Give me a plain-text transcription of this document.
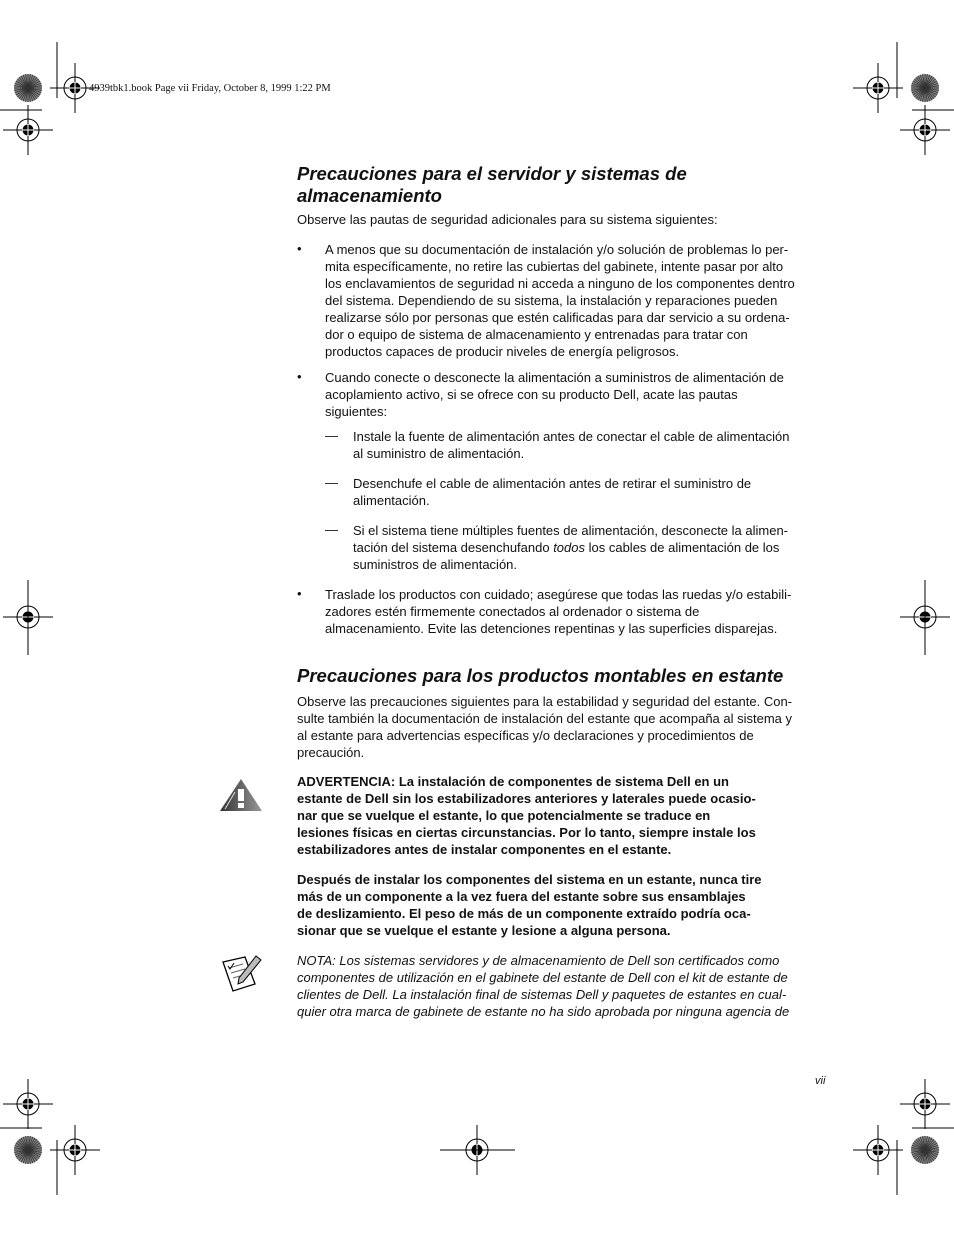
4939tbk1.book Page vii Friday, October 8, 1999 1:22 PM
Precauciones para el servidor y sistemas de
almacenamiento
Observe las pautas de seguridad adicionales para su sistema siguientes:
• A menos que su documentación de instalación y/o solución de problemas lo per-
mita específicamente, no retire las cubiertas del gabinete, intente pasar por alto
los enclavamientos de seguridad ni acceda a ninguno de los componentes dentro
del sistema. Dependiendo de su sistema, la instalación y reparaciones pueden
realizarse sólo por personas que estén calificadas para dar servicio a su ordena-
dor o equipo de sistema de almacenamiento y entrenadas para tratar con
productos capaces de producir niveles de energía peligrosos.
• Cuando conecte o desconecte la alimentación a suministros de alimentación de
acoplamiento activo, si se ofrece con su producto Dell, acate las pautas
siguientes:
— Instale la fuente de alimentación antes de conectar el cable de alimentación
al suministro de alimentación.
— Desenchufe el cable de alimentación antes de retirar el suministro de
alimentación.
— Si el sistema tiene múltiples fuentes de alimentación, desconecte la alimen-
tación del sistema desenchufando todos los cables de alimentación de los
suministros de alimentación.
• Traslade los productos con cuidado; asegúrese que todas las ruedas y/o estabili-
zadores estén firmemente conectados al ordenador o sistema de
almacenamiento. Evite las detenciones repentinas y las superficies disparejas.
Precauciones para los productos montables en estante
Observe las precauciones siguientes para la estabilidad y seguridad del estante. Con-
sulte también la documentación de instalación del estante que acompaña al sistema y
al estante para advertencias específicas y/o declaraciones y procedimientos de
precaución.
ADVERTENCIA: La instalación de componentes de sistema Dell en un
estante de Dell sin los estabilizadores anteriores y laterales puede ocasio-
nar que se vuelque el estante, lo que potencialmente se traduce en
lesiones físicas en ciertas circunstancias. Por lo tanto, siempre instale los
estabilizadores antes de instalar componentes en el estante.
Después de instalar los componentes del sistema en un estante, nunca tire
más de un componente a la vez fuera del estante sobre sus ensamblajes
de deslizamiento. El peso de más de un componente extraído podría oca-
sionar que se vuelque el estante y lesione a alguna persona.
NOTA: Los sistemas servidores y de almacenamiento de Dell son certificados como
componentes de utilización en el gabinete del estante de Dell con el kit de estante de
clientes de Dell. La instalación final de sistemas Dell y paquetes de estantes en cual-
quier otra marca de gabinete de estante no ha sido aprobada por ninguna agencia de
vii
